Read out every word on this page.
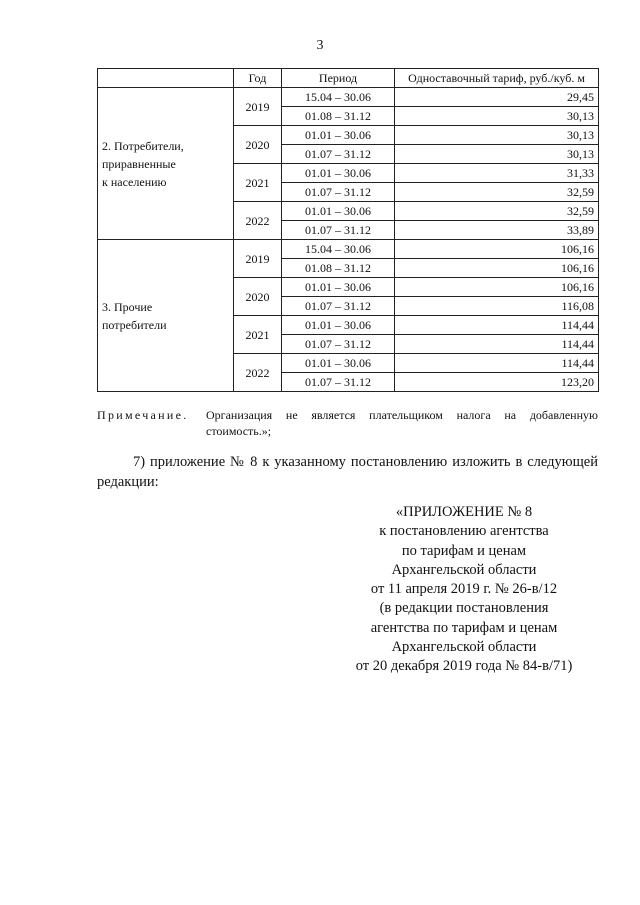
3
	Год	Период	Одноставочный тариф, руб./куб. м

2. Потребители,
приравненные
к населению	2019	15.04 – 30.06	29,45
		01.08 – 31.12	30,13
	2020	01.01 – 30.06	30,13
		01.07 – 31.12	30,13
	2021	01.01 – 30.06	31,33
		01.07 – 31.12	32,59
	2022	01.01 – 30.06	32,59
		01.07 – 31.12	33,89

3. Прочие
потребители	2019	15.04 – 30.06	106,16
		01.08 – 31.12	106,16
	2020	01.01 – 30.06	106,16
		01.07 – 31.12	116,08
	2021	01.01 – 30.06	114,44
		01.07 – 31.12	114,44
	2022	01.01 – 30.06	114,44
		01.07 – 31.12	123,20
Примечание. Организация не является плательщиком налога на добавленную стоимость.»;
7) приложение № 8 к указанному постановлению изложить в следующей редакции:
«ПРИЛОЖЕНИЕ № 8
к постановлению агентства
по тарифам и ценам
Архангельской области
от 11 апреля 2019 г. № 26-в/12
(в редакции постановления
агентства по тарифам и ценам
Архангельской области
от 20 декабря 2019 года № 84-в/71)
